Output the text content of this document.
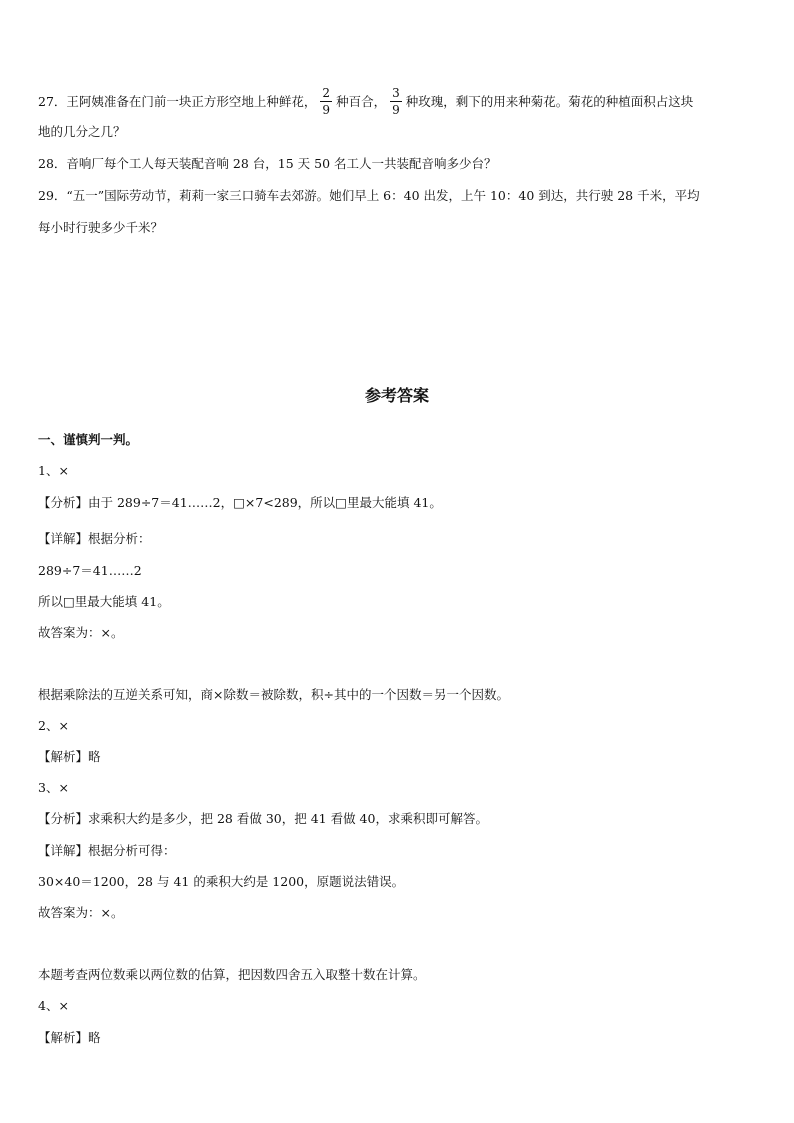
27．王阿姨准备在门前一块正方形空地上种鲜花， $\frac{2}{9}$ 种百合， $\frac{3}{9}$ 种玫瑰，剩下的用来种菊花。菊花的种植面积占这块
地的几分之几？
28．音响厂每个工人每天装配音响 28 台，15 天 50 名工人一共装配音响多少台？
29．“五一”国际劳动节，莉莉一家三口骑车去郊游。她们早上 6：40 出发，上午 10：40 到达，共行驶 28 千米，平均
每小时行驶多少千米？
参考答案
一、谨慎判一判。
1、×
【分析】由于 289÷7＝41……2，□×7<289，所以□里最大能填 41。
【详解】根据分析：
289÷7＝41……2
所以□里最大能填 41。
故答案为：×。
根据乘除法的互逆关系可知，商×除数＝被除数，积÷其中的一个因数＝另一个因数。
2、×
【解析】略
3、×
【分析】求乘积大约是多少，把 28 看做 30，把 41 看做 40，求乘积即可解答。
【详解】根据分析可得：
30×40＝1200，28 与 41 的乘积大约是 1200，原题说法错误。
故答案为：×。
本题考查两位数乘以两位数的估算，把因数四舍五入取整十数在计算。
4、×
【解析】略
